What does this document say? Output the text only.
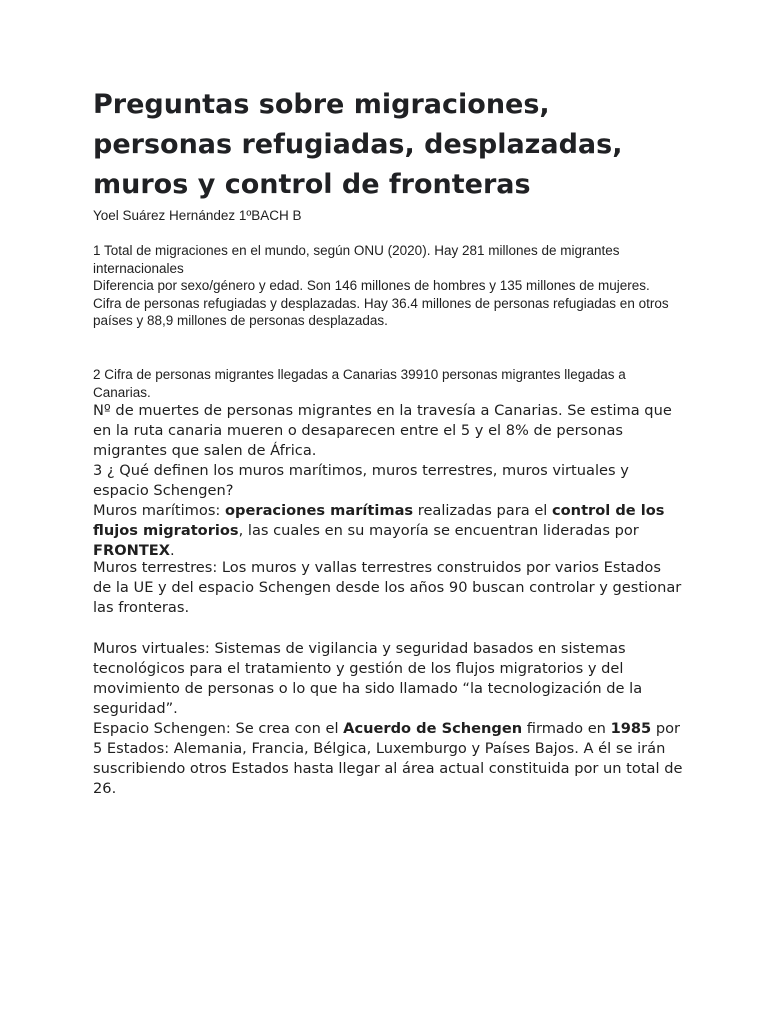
Preguntas sobre migraciones, personas refugiadas, desplazadas, muros y control de fronteras
Yoel Suárez Hernández 1ºBACH B

1 Total de migraciones en el mundo, según ONU (2020). Hay 281 millones de migrantes internacionales

Diferencia por sexo/género y edad. Son 146 millones de hombres y 135 millones de mujeres.

Cifra de personas refugiadas y desplazadas. Hay 36.4 millones de personas refugiadas en otros países y 88,9 millones de personas desplazadas.

2 Cifra de personas migrantes llegadas a Canarias 39910 personas migrantes llegadas a Canarias.

Nº de muertes de personas migrantes en la travesía a Canarias. Se estima que en la ruta canaria mueren o desaparecen entre el 5 y el 8% de personas migrantes que salen de África.

3 ¿ Qué definen los muros marítimos, muros terrestres, muros virtuales y espacio Schengen?

Muros marítimos: operaciones marítimas realizadas para el control de los flujos migratorios, las cuales en su mayoría se encuentran lideradas por FRONTEX.

Muros terrestres: Los muros y vallas terrestres construidos por varios Estados de la UE y del espacio Schengen desde los años 90 buscan controlar y gestionar las fronteras.

Muros virtuales: Sistemas de vigilancia y seguridad basados en sistemas tecnológicos para el tratamiento y gestión de los flujos migratorios y del movimiento de personas o lo que ha sido llamado “la tecnologización de la seguridad”.

Espacio Schengen: Se crea con el Acuerdo de Schengen firmado en 1985 por 5 Estados: Alemania, Francia, Bélgica, Luxemburgo y Países Bajos. A él se irán suscribiendo otros Estados hasta llegar al área actual constituida por un total de 26.
